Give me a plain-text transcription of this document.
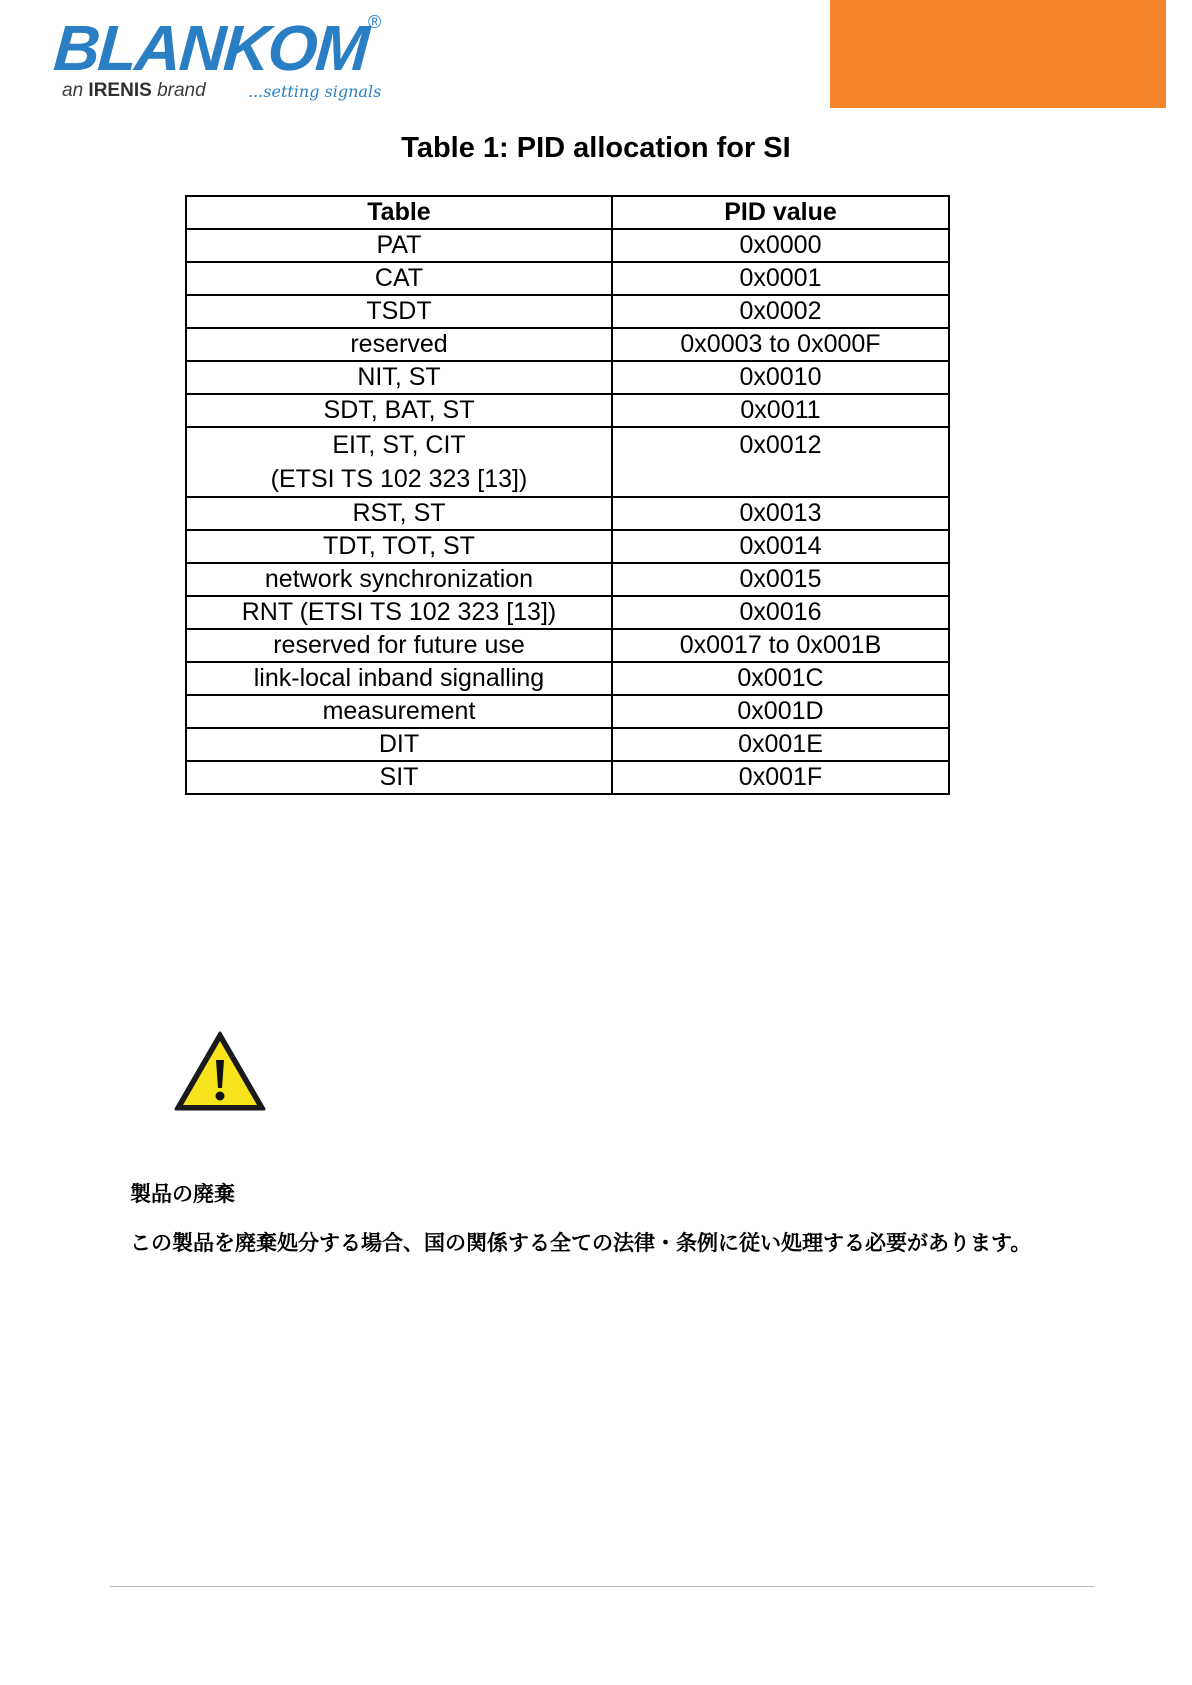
BLANKOM
®
an IRENIS brand	...setting signals
Table 1: PID allocation for SI
Table	PID value
PAT	0x0000
CAT	0x0001
TSDT	0x0002
reserved	0x0003 to 0x000F
NIT, ST	0x0010
SDT, BAT, ST	0x0011

EIT, ST, CIT
(ETSI TS 102 323 [13])	0x0012
RST, ST	0x0013
TDT, TOT, ST	0x0014
network synchronization	0x0015
RNT (ETSI TS 102 323 [13])	0x0016
reserved for future use	0x0017 to 0x001B
link-local inband signalling	0x001C
measurement	0x001D
DIT	0x001E
SIT	0x001F
製品の廃棄
この製品を廃棄処分する場合、国の関係する全ての法律・条例に従い処理する必要があります。
